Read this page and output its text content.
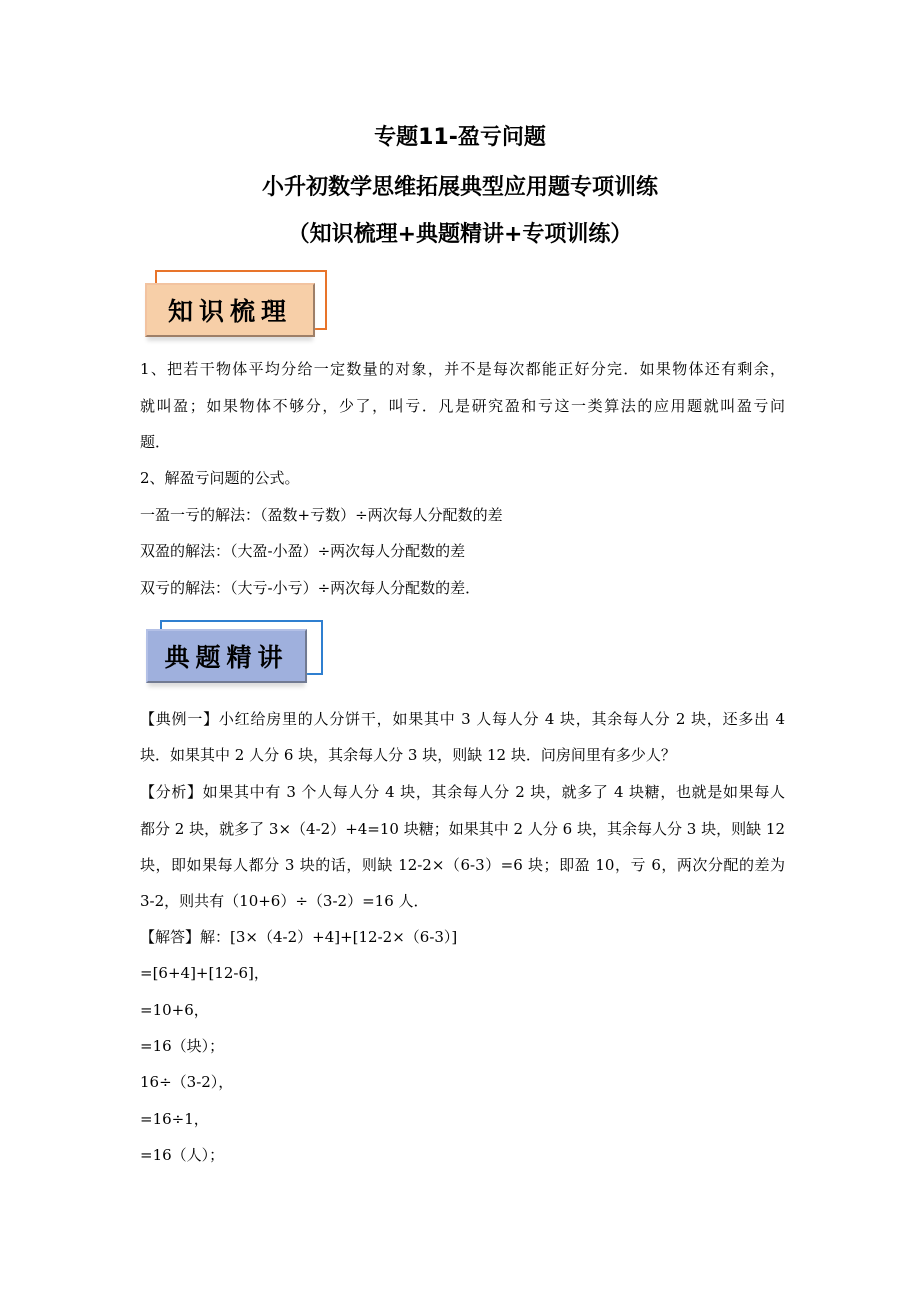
专题11-盈亏问题
小升初数学思维拓展典型应用题专项训练
（知识梳理+典题精讲+专项训练）
知识梳理
1、把若干物体平均分给一定数量的对象，并不是每次都能正好分完．如果物体还有剩余，
就叫盈；如果物体不够分，少了，叫亏．凡是研究盈和亏这一类算法的应用题就叫盈亏问
题．
2、解盈亏问题的公式。
一盈一亏的解法：（盈数+亏数）÷两次每人分配数的差
双盈的解法：（大盈-小盈）÷两次每人分配数的差
双亏的解法：（大亏-小亏）÷两次每人分配数的差．
典题精讲
【典例一】小红给房里的人分饼干，如果其中 3 人每人分 4 块，其余每人分 2 块，还多出 4
块．如果其中 2 人分 6 块，其余每人分 3 块，则缺 12 块．问房间里有多少人？
【分析】如果其中有 3 个人每人分 4 块，其余每人分 2 块，就多了 4 块糖，也就是如果每人
都分 2 块，就多了 3×（4-2）+4=10 块糖；如果其中 2 人分 6 块，其余每人分 3 块，则缺 12
块，即如果每人都分 3 块的话，则缺 12-2×（6-3）=6 块；即盈 10，亏 6，两次分配的差为
3-2，则共有（10+6）÷（3-2）=16 人．
【解答】解：[3×（4-2）+4]+[12-2×（6-3）]
=[6+4]+[12-6]，
=10+6，
=16（块）；
16÷（3-2），
=16÷1，
=16（人）；
